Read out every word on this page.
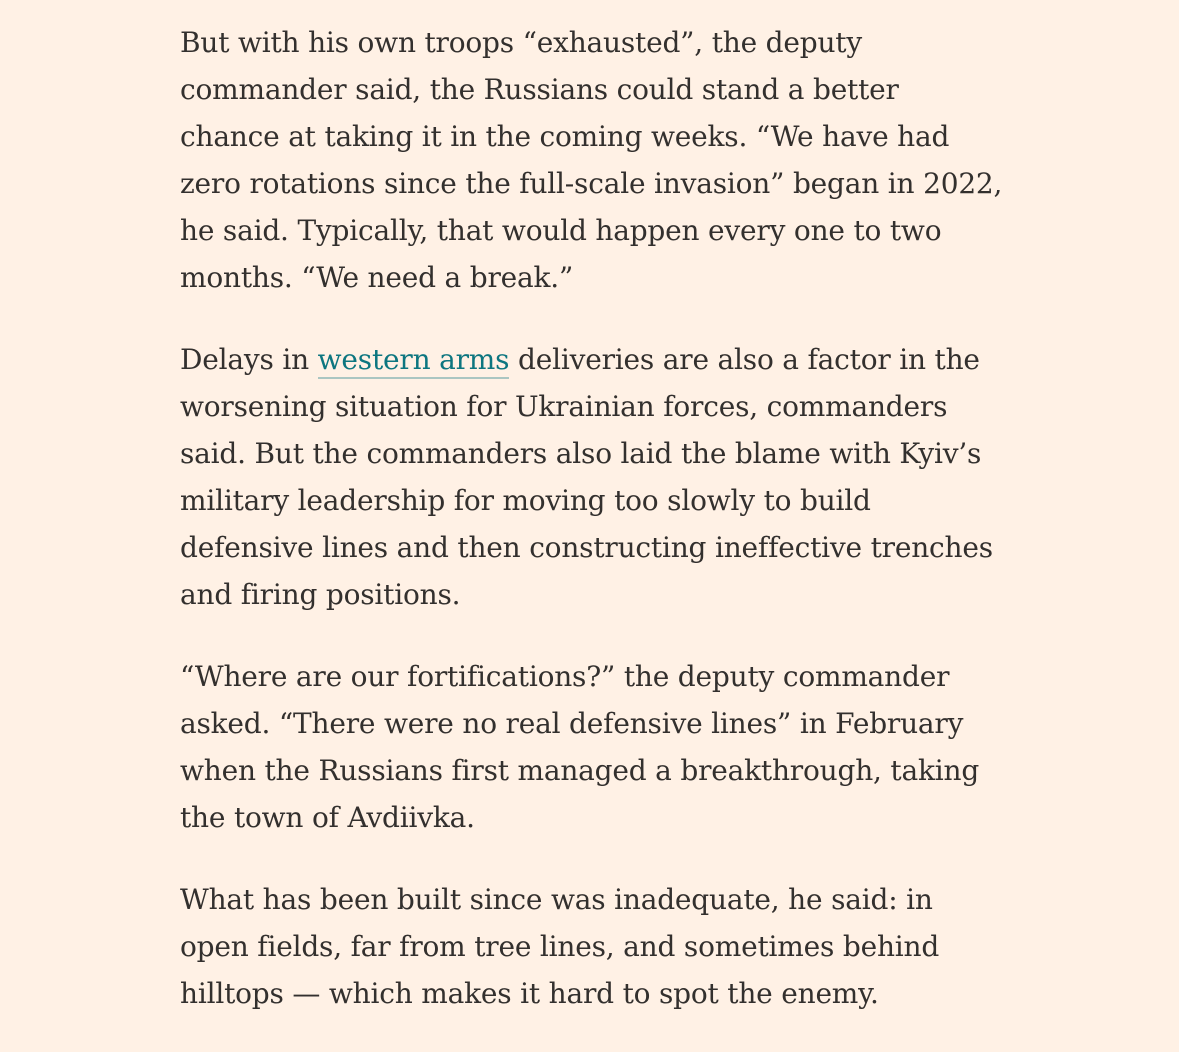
But with his own troops “exhausted”, the deputy
commander said, the Russians could stand a better
chance at taking it in the coming weeks. “We have had
zero rotations since the full-scale invasion” began in 2022,
he said. Typically, that would happen every one to two
months. “We need a break.”

Delays in western arms deliveries are also a factor in the
worsening situation for Ukrainian forces, commanders
said. But the commanders also laid the blame with Kyiv’s
military leadership for moving too slowly to build
defensive lines and then constructing ineffective trenches
and firing positions.

“Where are our fortifications?” the deputy commander
asked. “There were no real defensive lines” in February
when the Russians first managed a breakthrough, taking
the town of Avdiivka.

What has been built since was inadequate, he said: in
open fields, far from tree lines, and sometimes behind
hilltops — which makes it hard to spot the enemy.
